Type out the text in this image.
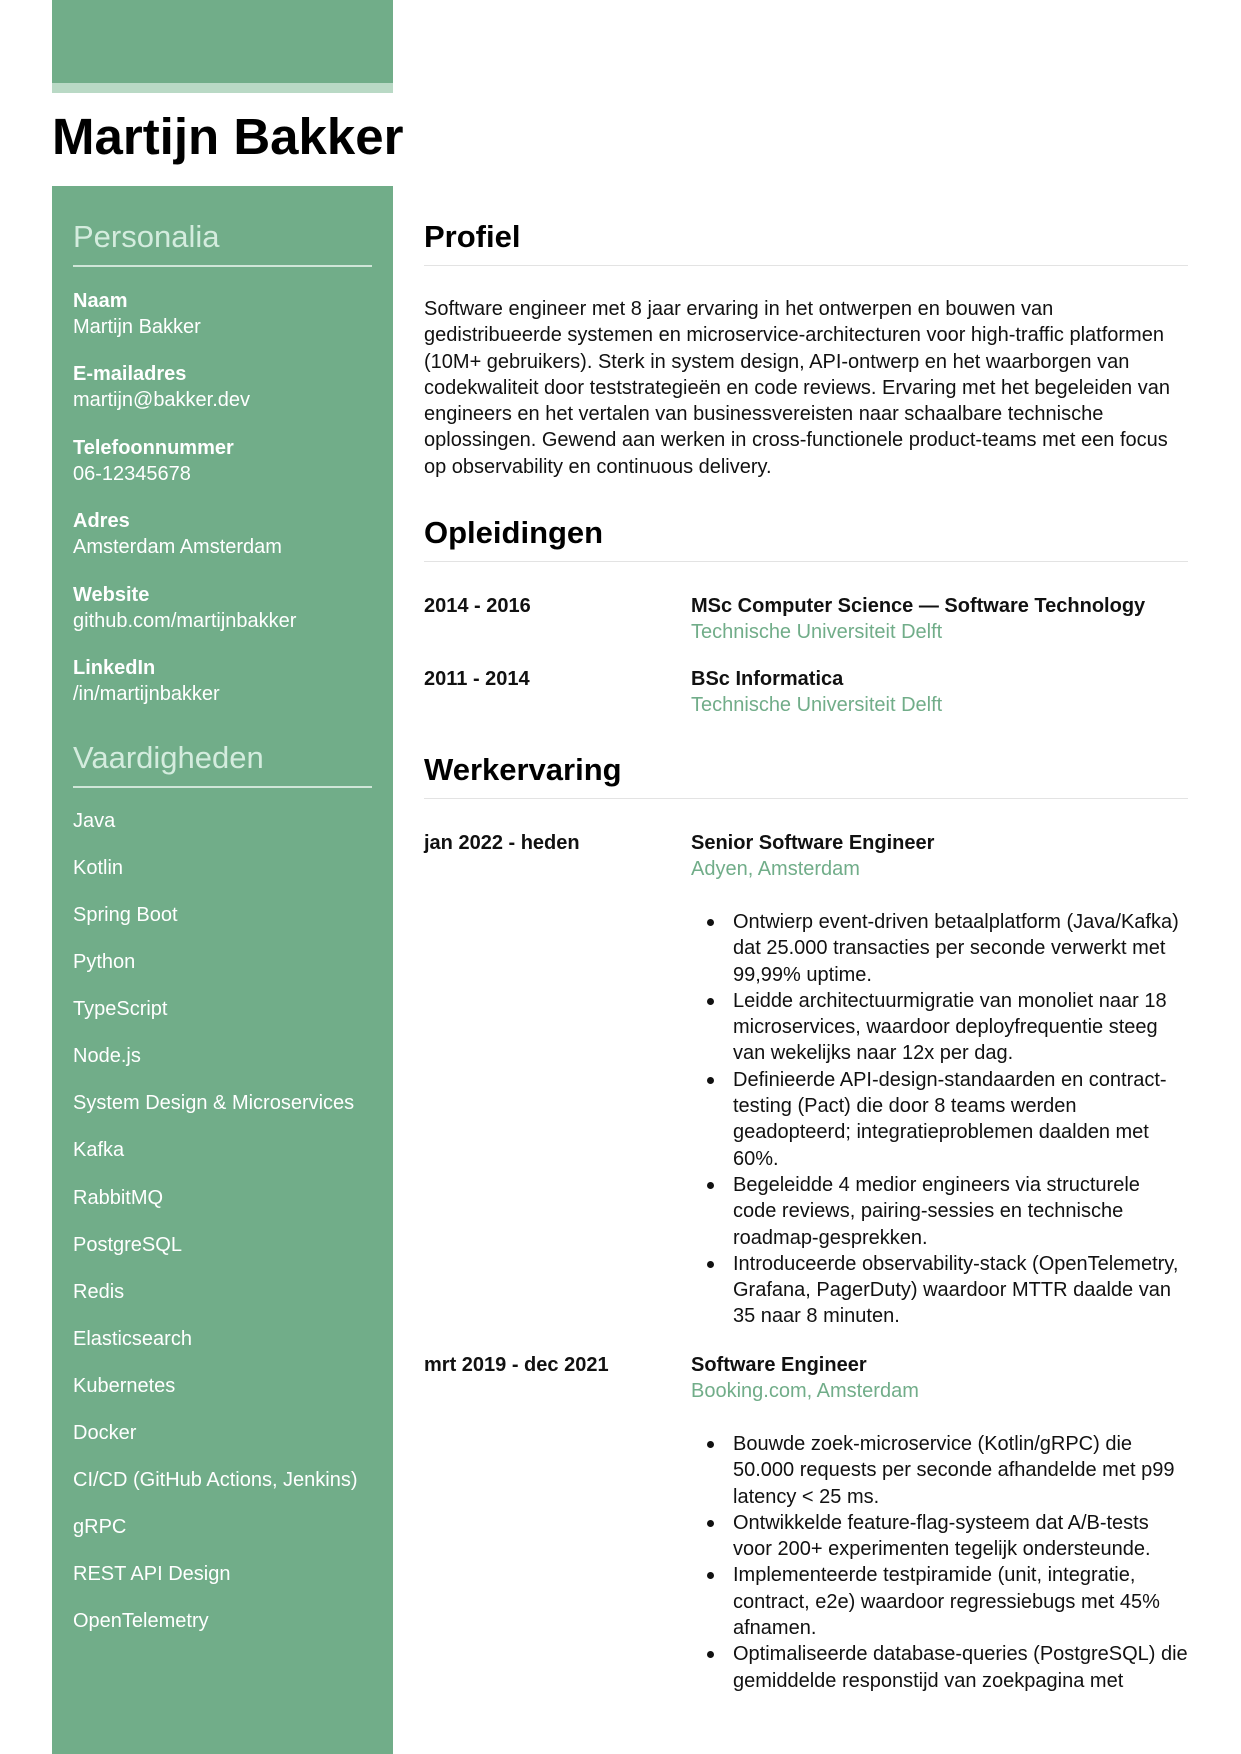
Martijn Bakker
Personalia
Naam
Martijn Bakker
E-mailadres
martijn@bakker.dev
Telefoonnummer
06-12345678
Adres
Amsterdam Amsterdam
Website
github.com/martijnbakker
LinkedIn
/in/martijnbakker
Vaardigheden
Java
Kotlin
Spring Boot
Python
TypeScript
Node.js
System Design & Microservices
Kafka
RabbitMQ
PostgreSQL
Redis
Elasticsearch
Kubernetes
Docker
CI/CD (GitHub Actions, Jenkins)
gRPC
REST API Design
OpenTelemetry
Profiel

Software engineer met 8 jaar ervaring in het ontwerpen en bouwen van gedistribueerde systemen en microservice-architecturen voor high-traffic platformen (10M+ gebruikers). Sterk in system design, API-ontwerp en het waarborgen van codekwaliteit door teststrategieën en code reviews. Ervaring met het begeleiden van engineers en het vertalen van businessvereisten naar schaalbare technische oplossingen. Gewend aan werken in cross-functionele product-teams met een focus op observability en continuous delivery.

Opleidingen
2014 - 2016	MSc Computer Science — Software Technology
Technische Universiteit Delft
2011 - 2014	BSc Informatica
Technische Universiteit Delft
Werkervaring
jan 2022 - heden	Senior Software Engineer
Adyen, Amsterdam
Ontwierp event-driven betaalplatform (Java/Kafka) dat 25.000 transacties per seconde verwerkt met 99,99% uptime.
Leidde architectuurmigratie van monoliet naar 18 microservices, waardoor deployfrequentie steeg van wekelijks naar 12x per dag.
Definieerde API-design-standaarden en contract-testing (Pact) die door 8 teams werden geadopteerd; integratieproblemen daalden met 60%.
Begeleidde 4 medior engineers via structurele code reviews, pairing-sessies en technische roadmap-gesprekken.
Introduceerde observability-stack (OpenTelemetry, Grafana, PagerDuty) waardoor MTTR daalde van 35 naar 8 minuten.
mrt 2019 - dec 2021	Software Engineer
Booking.com, Amsterdam
Bouwde zoek-microservice (Kotlin/gRPC) die 50.000 requests per seconde afhandelde met p99 latency < 25 ms.
Ontwikkelde feature-flag-systeem dat A/B-tests voor 200+ experimenten tegelijk ondersteunde.
Implementeerde testpiramide (unit, integratie, contract, e2e) waardoor regressiebugs met 45% afnamen.
Optimaliseerde database-queries (PostgreSQL) die gemiddelde responstijd van zoekpagina met
